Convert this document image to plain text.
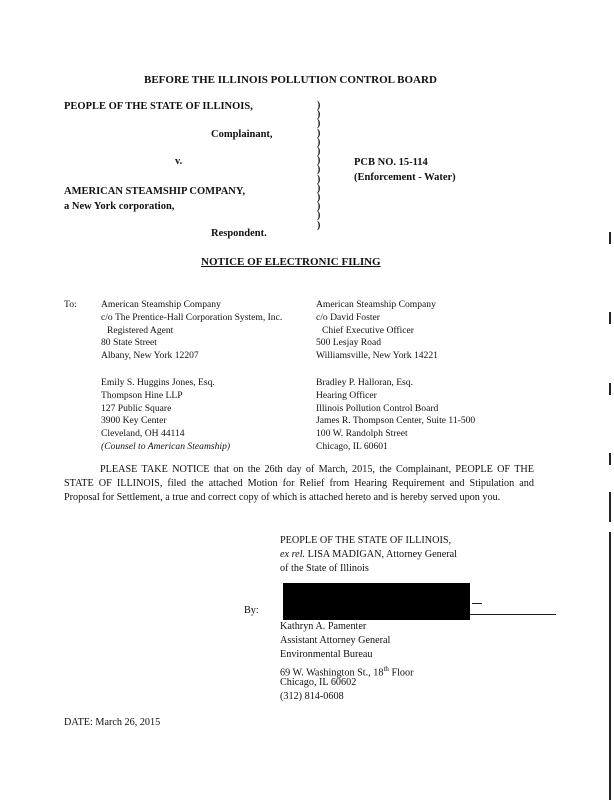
BEFORE THE ILLINOIS POLLUTION CONTROL BOARD
PEOPLE OF THE STATE OF ILLINOIS,
Complainant,
v.
AMERICAN STEAMSHIP COMPANY,
a New York corporation,
Respondent.
)
)
)
)
)
)
)
)
)
)
)
)
)
)
PCB NO. 15-114
(Enforcement - Water)
NOTICE OF ELECTRONIC FILING
To:	American Steamship Company
c/o The Prentice-Hall Corporation System, Inc.
Registered Agent
80 State Street
Albany, New York 12207
American Steamship Company
c/o David Foster
Chief Executive Officer
500 Lesjay Road
Williamsville, New York 14221
Emily S. Huggins Jones, Esq.
Thompson Hine LLP
127 Public Square
3900 Key Center
Cleveland, OH 44114
(Counsel to American Steamship)
Bradley P. Halloran, Esq.
Hearing Officer
Illinois Pollution Control Board
James R. Thompson Center, Suite 11-500
100 W. Randolph Street
Chicago, IL 60601
PLEASE TAKE NOTICE that on the 26th day of March, 2015, the Complainant, PEOPLE OF THE STATE OF ILLINOIS, filed the attached Motion for Relief from Hearing Requirement and Stipulation and Proposal for Settlement, a true and correct copy of which is attached hereto and is hereby served upon you.
PEOPLE OF THE STATE OF ILLINOIS,
ex rel. LISA MADIGAN, Attorney General
of the State of Illinois
By:
Kathryn A. Pamenter
Assistant Attorney General
Environmental Bureau
69 W. Washington St., 18th Floor
Chicago, IL 60602
(312) 814-0608
DATE: March 26, 2015
